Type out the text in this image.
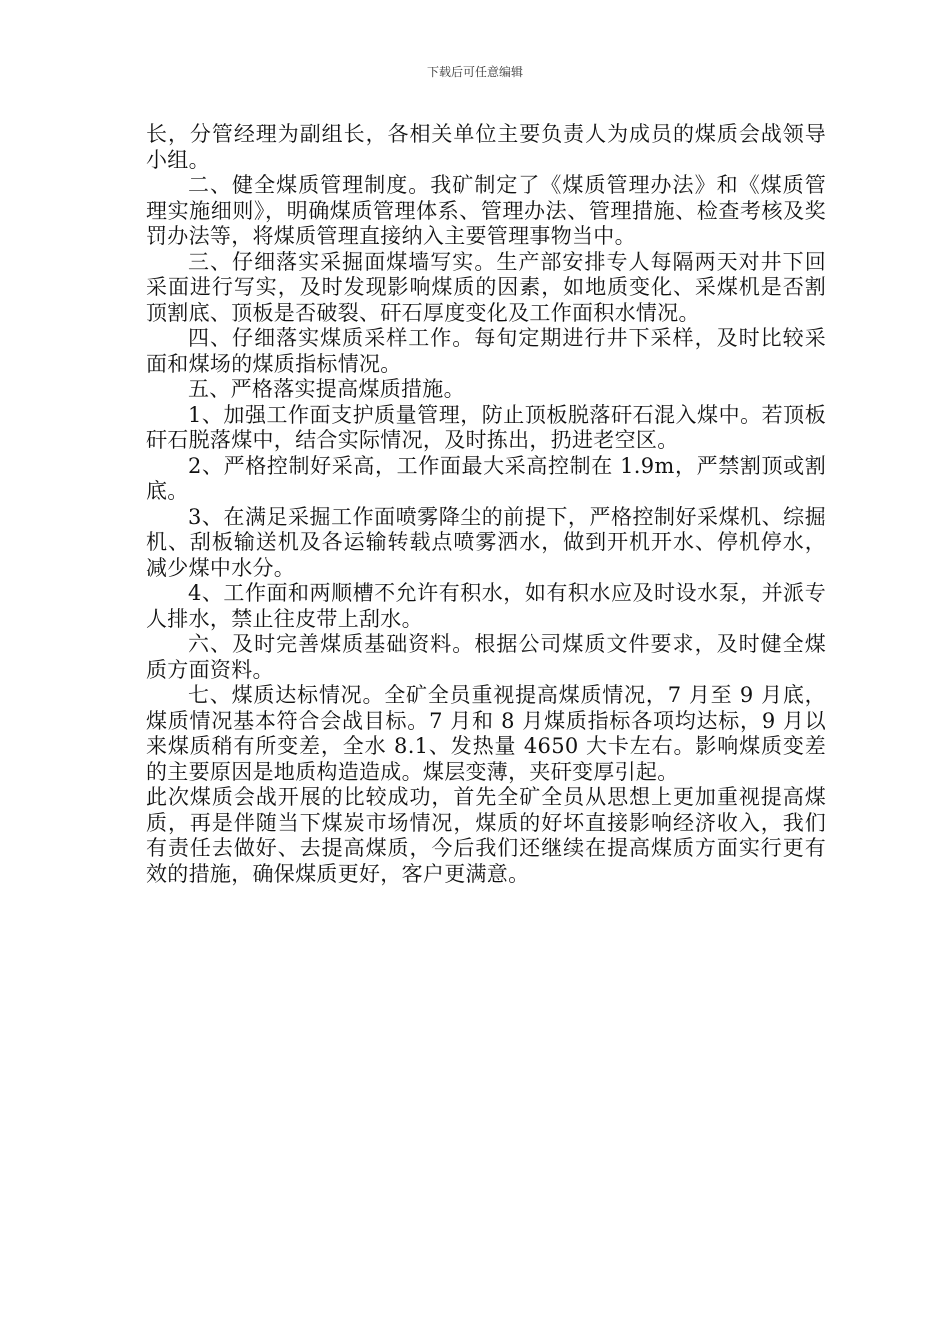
下载后可任意编辑

长，分管经理为副组长，各相关单位主要负责人为成员的煤质会战领导小组。

二、健全煤质管理制度。我矿制定了《煤质管理办法》和《煤质管理实施细则》，明确煤质管理体系、管理办法、管理措施、检查考核及奖罚办法等，将煤质管理直接纳入主要管理事物当中。

三、仔细落实采掘面煤墙写实。生产部安排专人每隔两天对井下回采面进行写实，及时发现影响煤质的因素，如地质变化、采煤机是否割顶割底、顶板是否破裂、矸石厚度变化及工作面积水情况。

四、仔细落实煤质采样工作。每旬定期进行井下采样，及时比较采面和煤场的煤质指标情况。

五、严格落实提高煤质措施。

1、加强工作面支护质量管理，防止顶板脱落矸石混入煤中。若顶板矸石脱落煤中，结合实际情况，及时拣出，扔进老空区。

2、严格控制好采高，工作面最大采高控制在 1.9m，严禁割顶或割底。

3、在满足采掘工作面喷雾降尘的前提下，严格控制好采煤机、综掘机、刮板输送机及各运输转载点喷雾洒水，做到开机开水、停机停水，减少煤中水分。

4、工作面和两顺槽不允许有积水，如有积水应及时设水泵，并派专人排水，禁止往皮带上刮水。

六、及时完善煤质基础资料。根据公司煤质文件要求，及时健全煤质方面资料。

七、煤质达标情况。全矿全员重视提高煤质情况，7 月至 9 月底，煤质情况基本符合会战目标。7 月和 8 月煤质指标各项均达标，9 月以来煤质稍有所变差，全水 8.1、发热量 4650 大卡左右。影响煤质变差的主要原因是地质构造造成。煤层变薄，夹矸变厚引起。

此次煤质会战开展的比较成功，首先全矿全员从思想上更加重视提高煤质，再是伴随当下煤炭市场情况，煤质的好坏直接影响经济收入，我们有责任去做好、去提高煤质，今后我们还继续在提高煤质方面实行更有效的措施，确保煤质更好，客户更满意。
